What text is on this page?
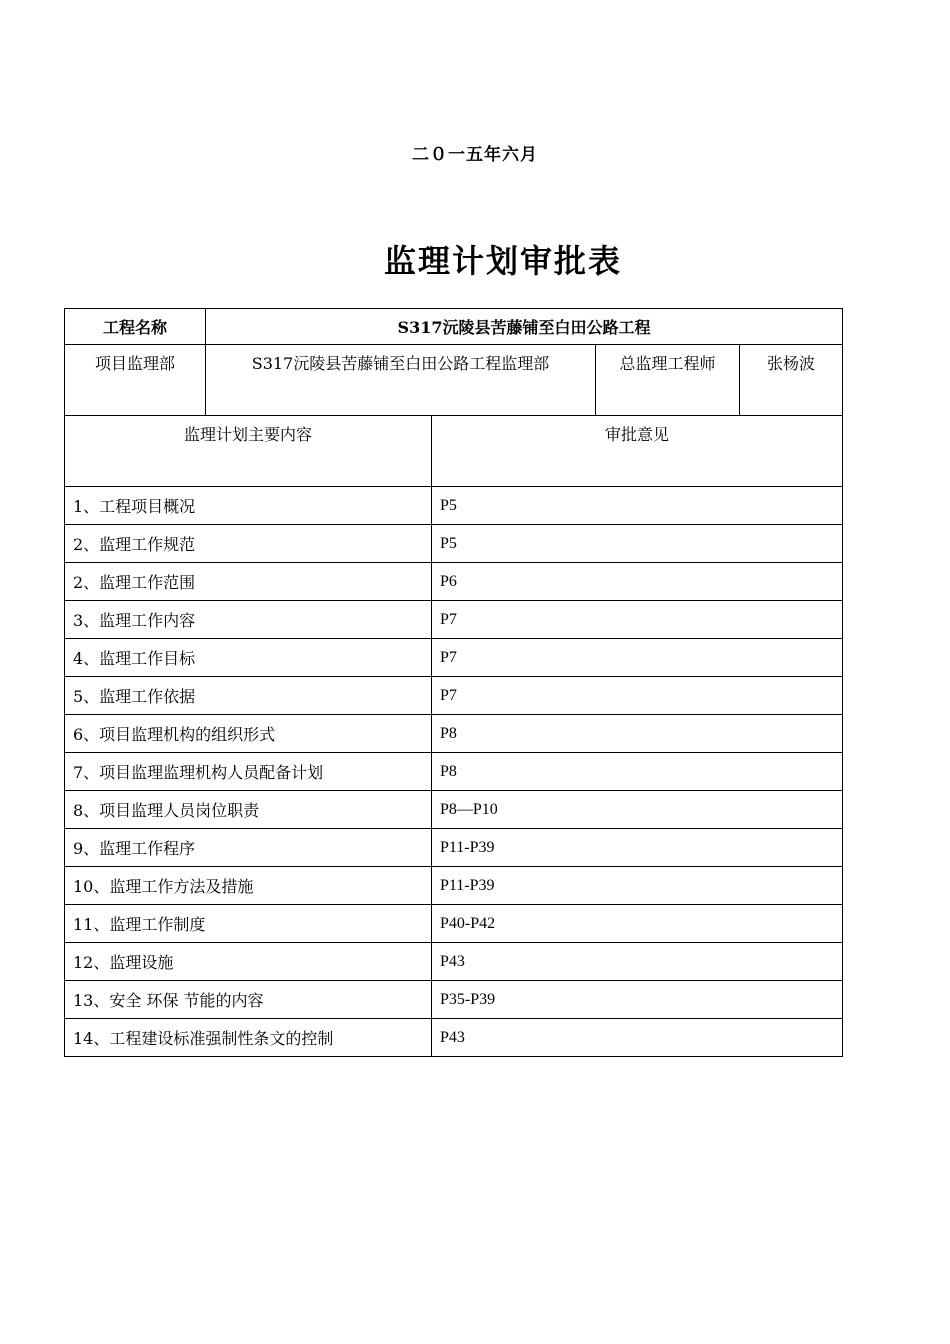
二０一五年六月
监理计划审批表
工程名称	S317沅陵县苦藤铺至白田公路工程			
项目监理部	S317沅陵县苦藤铺至白田公路工程监理部		总监理工程师	张杨波
监理计划主要内容		审批意见		
1、工程项目概况		P5		
2、监理工作规范		P5		
2、监理工作范围		P6		
3、监理工作内容		P7		
4、监理工作目标		P7		
5、监理工作依据		P7		
6、项目监理机构的组织形式		P8		
7、项目监理监理机构人员配备计划		P8		
8、项目监理人员岗位职责		P8—P10		
9、监理工作程序		P11-P39		
10、监理工作方法及措施		P11-P39		
11、监理工作制度		P40-P42		
12、监理设施		P43		
13、安全 环保 节能的内容		P35-P39		
14、工程建设标准强制性条文的控制		P43		
